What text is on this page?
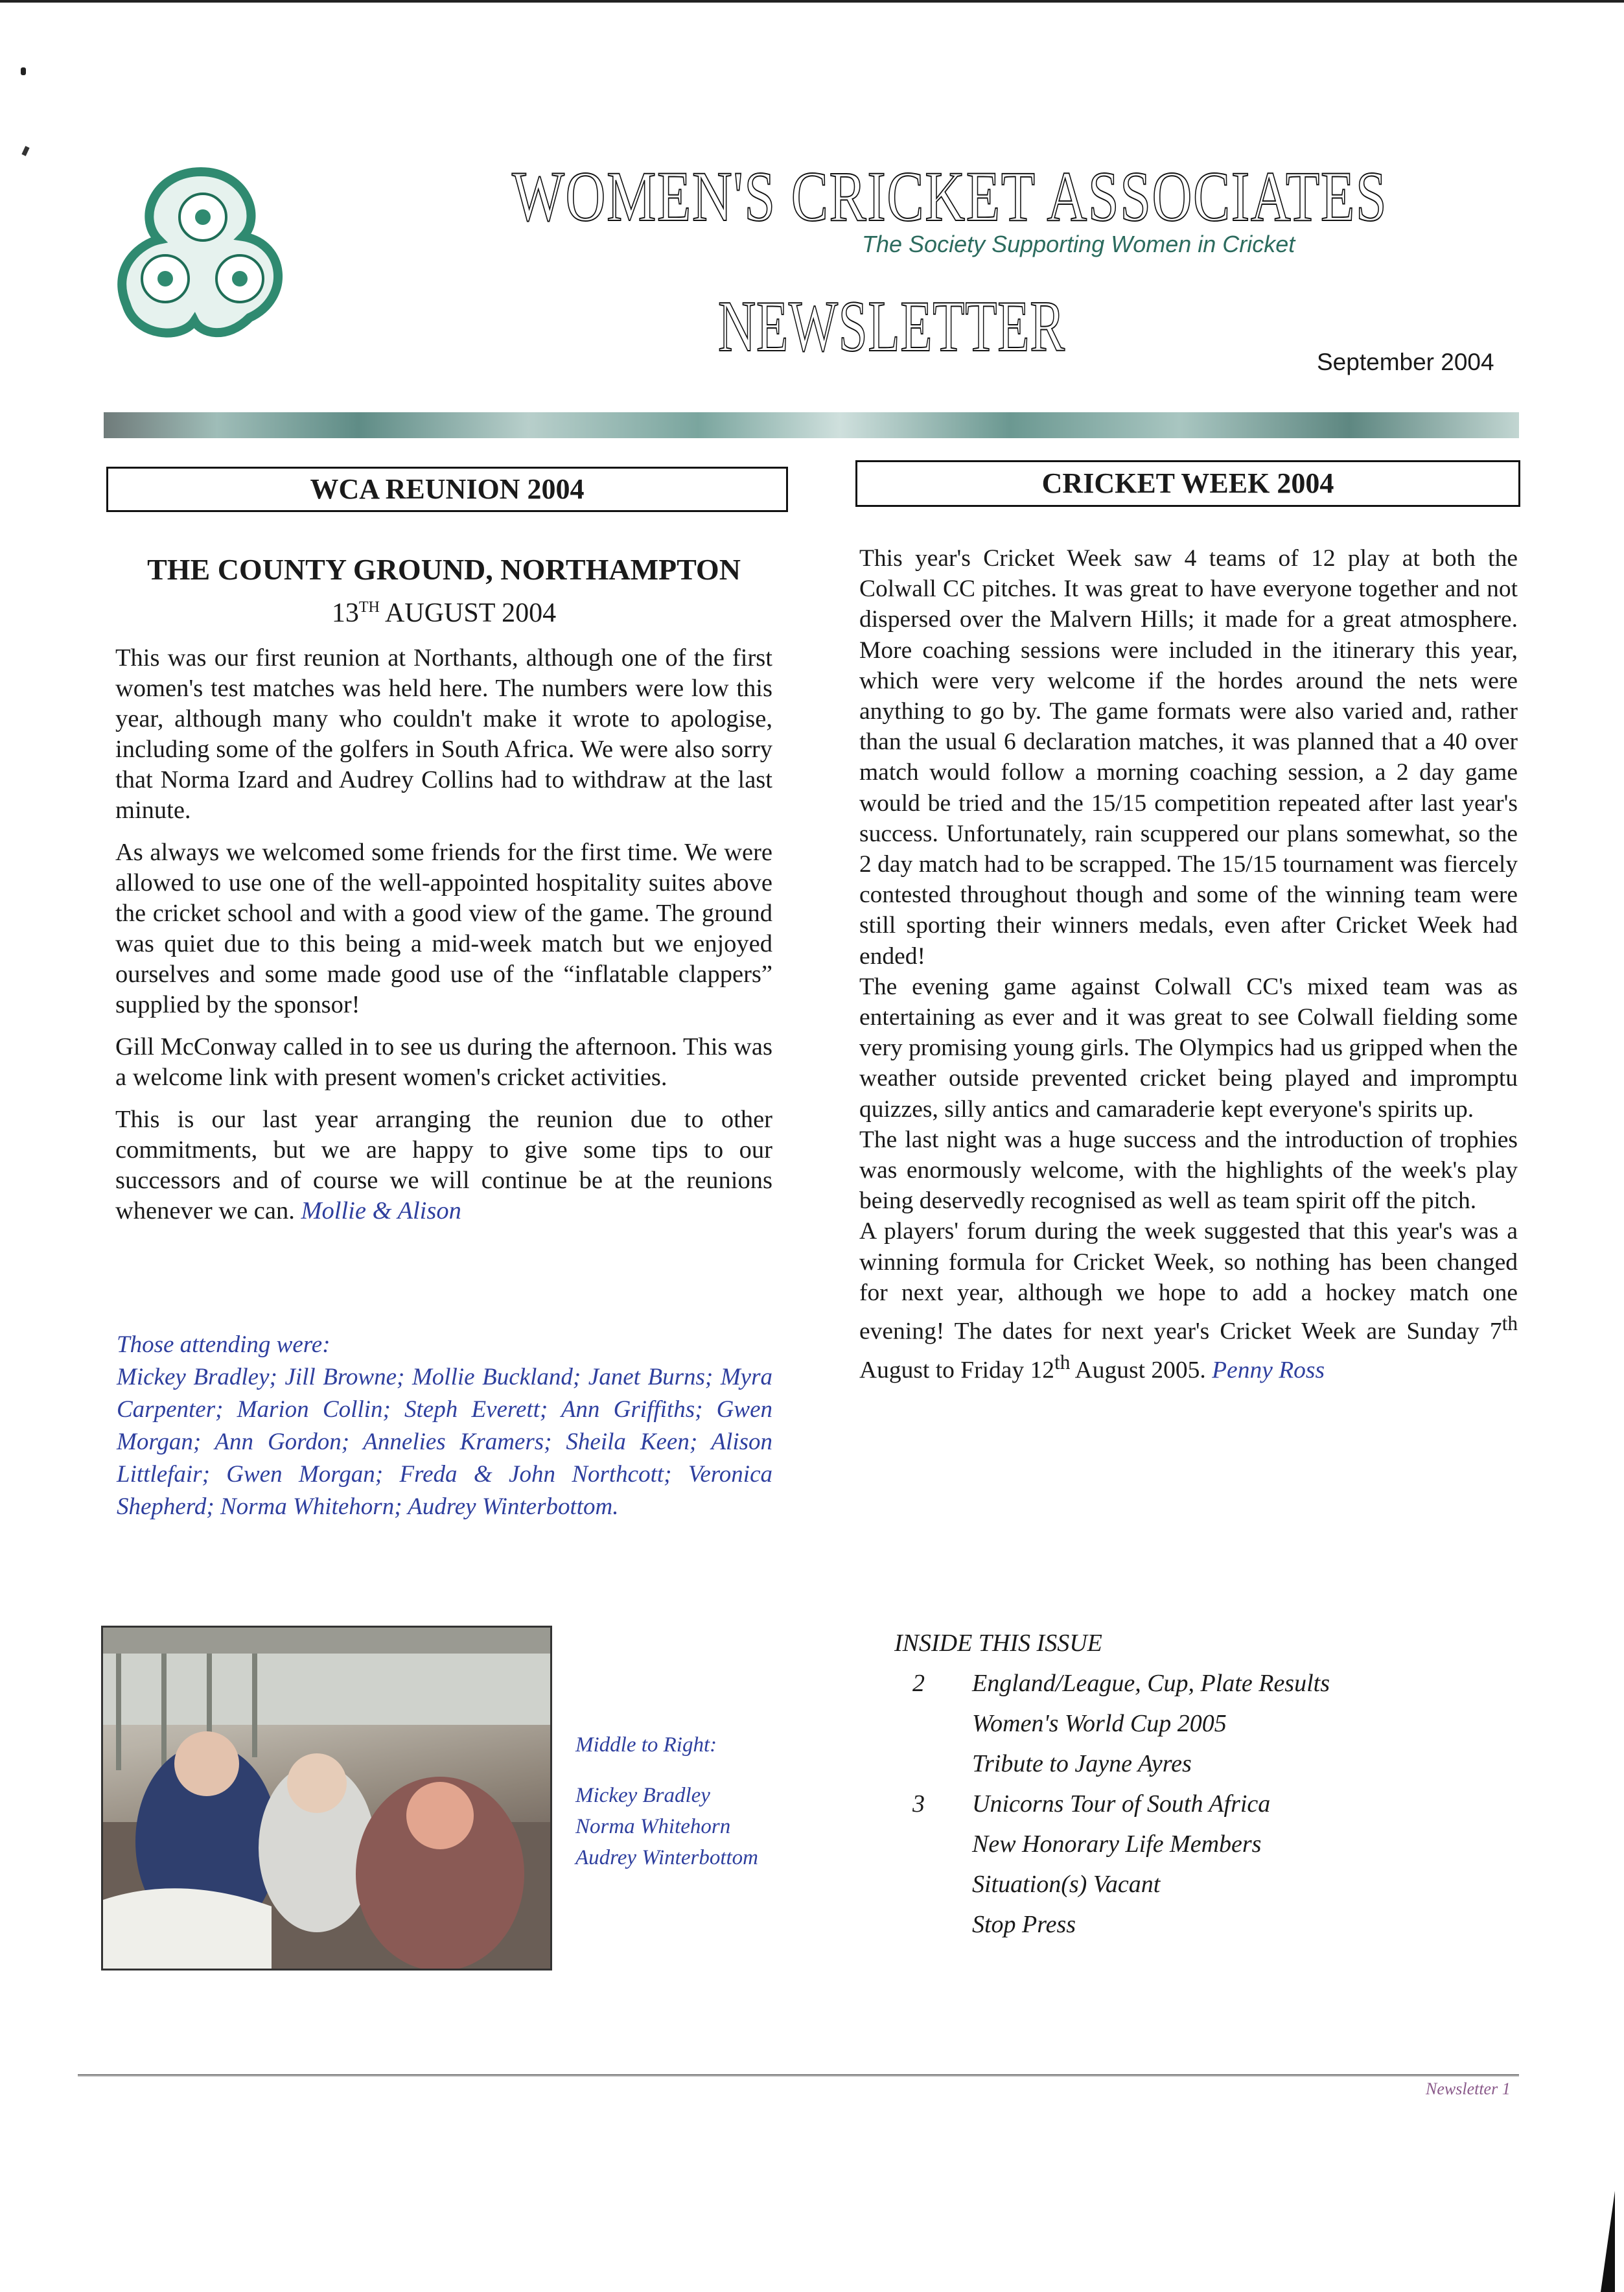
WOMEN'S CRICKET ASSOCIATES
The Society Supporting Women in Cricket
NEWSLETTER	September 2004
WCA REUNION 2004
THE COUNTY GROUND, NORTHAMPTON
13TH AUGUST 2004

This was our first reunion at Northants, although one of the first women's test matches was held here. The numbers were low this year, although many who couldn't make it wrote to apologise, including some of the golfers in South Africa. We were also sorry that Norma Izard and Audrey Collins had to withdraw at the last minute.

As always we welcomed some friends for the first time. We were allowed to use one of the well-appointed hospitality suites above the cricket school and with a good view of the game. The ground was quiet due to this being a mid-week match but we enjoyed ourselves and some made good use of the “inflatable clappers” supplied by the sponsor!

Gill McConway called in to see us during the afternoon. This was a welcome link with present women's cricket activities.

This is our last year arranging the reunion due to other commitments, but we are happy to give some tips to our successors and of course we will continue be at the reunions whenever we can. Mollie & Alison

Those attending were:
Mickey Bradley; Jill Browne; Mollie Buckland; Janet Burns; Myra Carpenter; Marion Collin; Steph Everett; Ann Griffiths; Gwen Morgan; Ann Gordon; Annelies Kramers; Sheila Keen; Alison Littlefair; Gwen Morgan; Freda & John Northcott; Veronica Shepherd; Norma Whitehorn; Audrey Winterbottom.
CRICKET WEEK 2004

This year's Cricket Week saw 4 teams of 12 play at both the Colwall CC pitches. It was great to have everyone together and not dispersed over the Malvern Hills; it made for a great atmosphere. More coaching sessions were included in the itinerary this year, which were very welcome if the hordes around the nets were anything to go by. The game formats were also varied and, rather than the usual 6 declaration matches, it was planned that a 40 over match would follow a morning coaching session, a 2 day game would be tried and the 15/15 competition repeated after last year's success. Unfortunately, rain scuppered our plans somewhat, so the 2 day match had to be scrapped. The 15/15 tournament was fiercely contested throughout though and some of the winning team were still sporting their winners medals, even after Cricket Week had ended!

The evening game against Colwall CC's mixed team was as entertaining as ever and it was great to see Colwall fielding some very promising young girls. The Olympics had us gripped when the weather outside prevented cricket being played and impromptu quizzes, silly antics and camaraderie kept everyone's spirits up.

The last night was a huge success and the introduction of trophies was enormously welcome, with the highlights of the week's play being deservedly recognised as well as team spirit off the pitch.

A players' forum during the week suggested that this year's was a winning formula for Cricket Week, so nothing has been changed for next year, although we hope to add a hockey match one evening! The dates for next year's Cricket Week are Sunday 7th August to Friday 12th August 2005. Penny Ross

Middle to Right:

Mickey Bradley
Norma Whitehorn
Audrey Winterbottom
INSIDE THIS ISSUE
2	England/League, Cup, Plate Results
Women's World Cup 2005
Tribute to Jayne Ayres
3	Unicorns Tour of South Africa
New Honorary Life Members
Situation(s) Vacant
Stop Press
Newsletter 1
